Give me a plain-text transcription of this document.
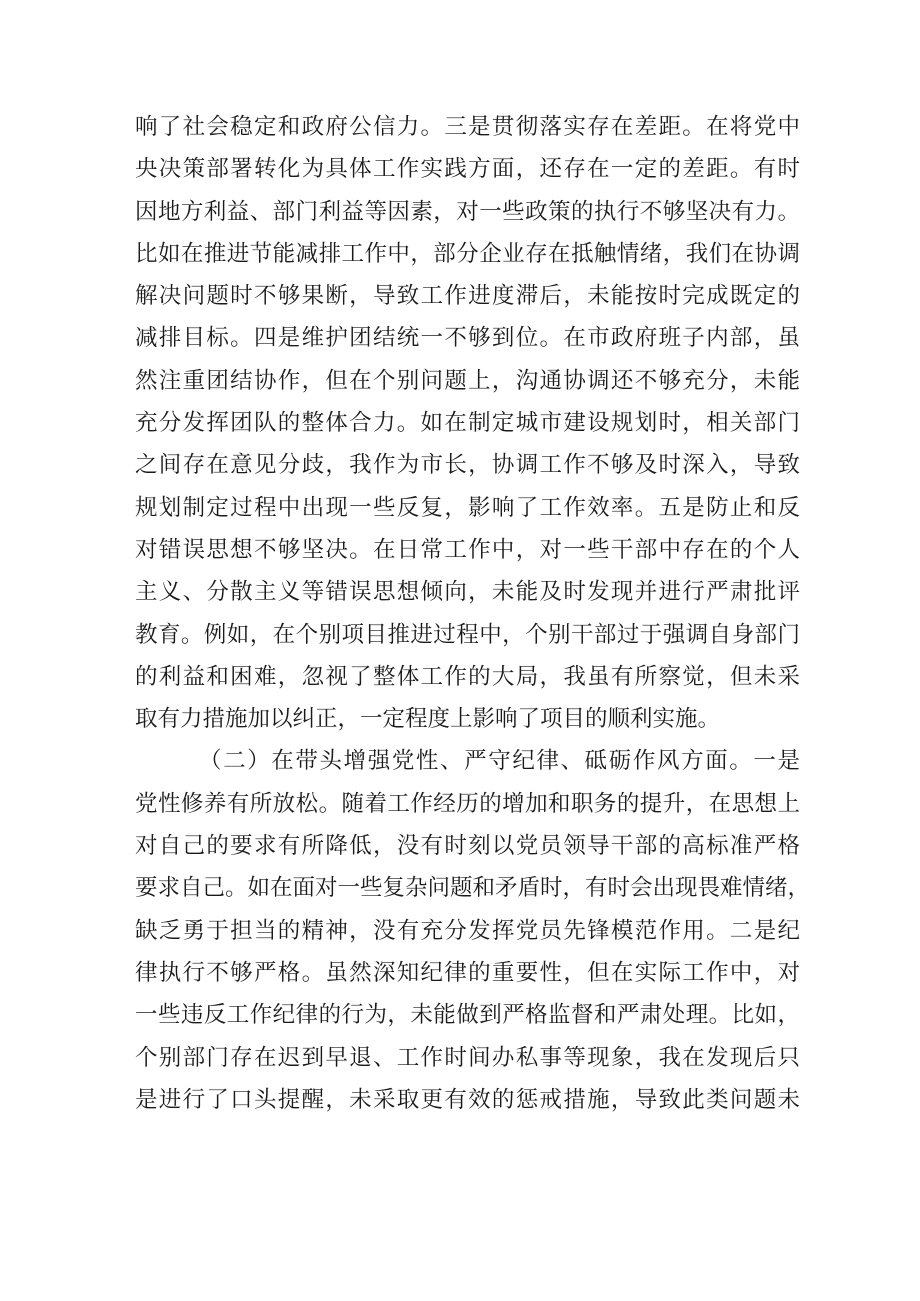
响了社会稳定和政府公信力。三是贯彻落实存在差距。在将党中
央决策部署转化为具体工作实践方面，还存在一定的差距。有时
因地方利益、部门利益等因素，对一些政策的执行不够坚决有力。
比如在推进节能减排工作中，部分企业存在抵触情绪，我们在协调
解决问题时不够果断，导致工作进度滞后，未能按时完成既定的
减排目标。四是维护团结统一不够到位。在市政府班子内部，虽
然注重团结协作，但在个别问题上，沟通协调还不够充分，未能
充分发挥团队的整体合力。如在制定城市建设规划时，相关部门
之间存在意见分歧，我作为市长，协调工作不够及时深入，导致
规划制定过程中出现一些反复，影响了工作效率。五是防止和反
对错误思想不够坚决。在日常工作中，对一些干部中存在的个人
主义、分散主义等错误思想倾向，未能及时发现并进行严肃批评
教育。例如，在个别项目推进过程中，个别干部过于强调自身部门
的利益和困难，忽视了整体工作的大局，我虽有所察觉，但未采
取有力措施加以纠正，一定程度上影响了项目的顺利实施。
（二）在带头增强党性、严守纪律、砥砺作风方面。一是
党性修养有所放松。随着工作经历的增加和职务的提升，在思想上
对自己的要求有所降低，没有时刻以党员领导干部的高标准严格
要求自己。如在面对一些复杂问题和矛盾时，有时会出现畏难情绪，
缺乏勇于担当的精神，没有充分发挥党员先锋模范作用。二是纪
律执行不够严格。虽然深知纪律的重要性，但在实际工作中，对
一些违反工作纪律的行为，未能做到严格监督和严肃处理。比如，
个别部门存在迟到早退、工作时间办私事等现象，我在发现后只
是进行了口头提醒，未采取更有效的惩戒措施，导致此类问题未
